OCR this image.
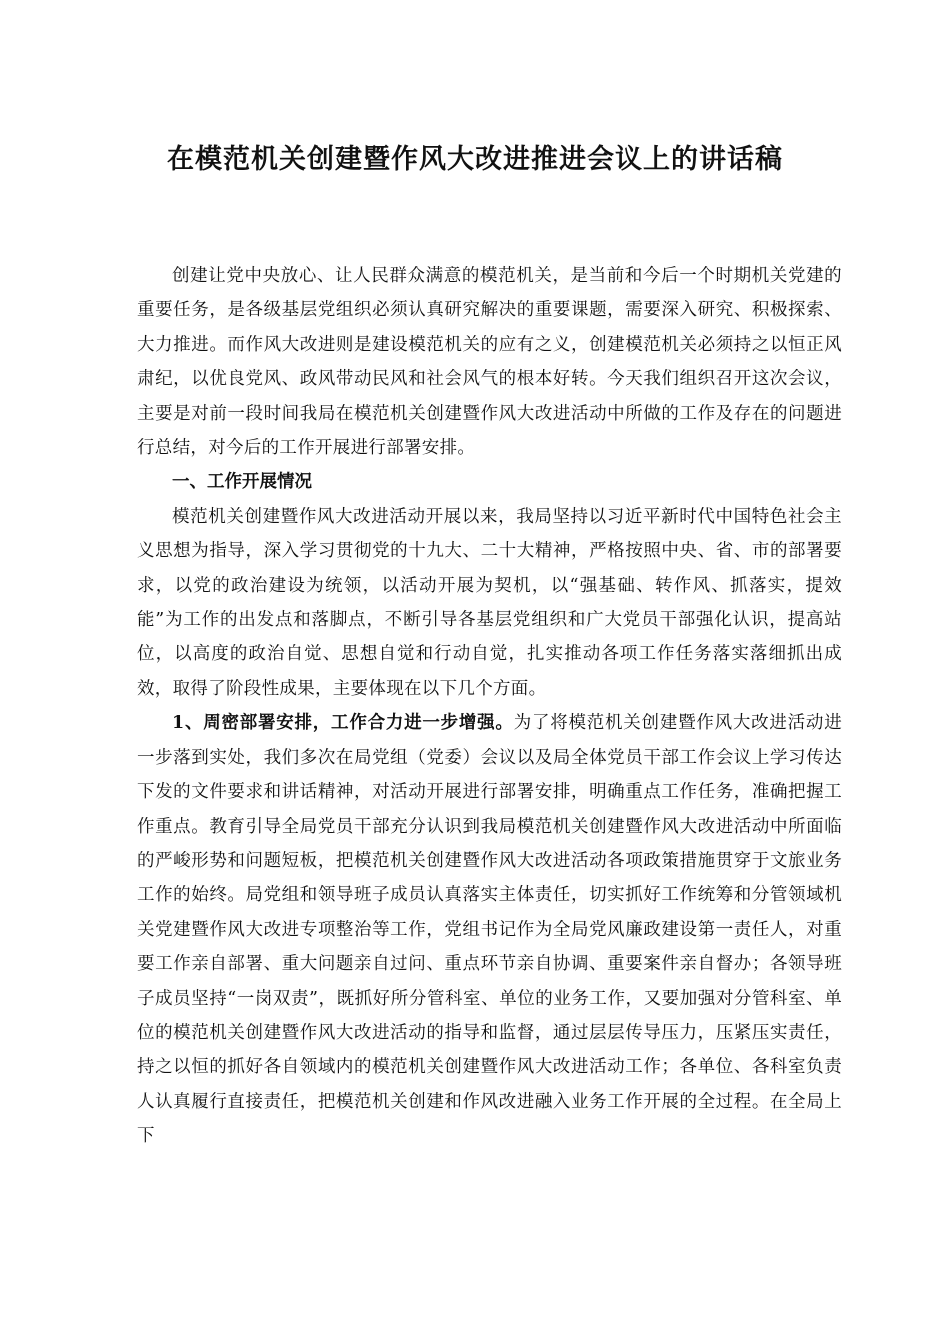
在模范机关创建暨作风大改进推进会议上的讲话稿

创建让党中央放心、让人民群众满意的模范机关，是当前和今后一个时期机关党建的重要任务，是各级基层党组织必须认真研究解决的重要课题，需要深入研究、积极探索、大力推进。而作风大改进则是建设模范机关的应有之义，创建模范机关必须持之以恒正风肃纪，以优良党风、政风带动民风和社会风气的根本好转。今天我们组织召开这次会议，主要是对前一段时间我局在模范机关创建暨作风大改进活动中所做的工作及存在的问题进行总结，对今后的工作开展进行部署安排。

一、工作开展情况

模范机关创建暨作风大改进活动开展以来，我局坚持以习近平新时代中国特色社会主义思想为指导，深入学习贯彻党的十九大、二十大精神，严格按照中央、省、市的部署要求，以党的政治建设为统领，以活动开展为契机，以“强基础、转作风、抓落实，提效能”为工作的出发点和落脚点，不断引导各基层党组织和广大党员干部强化认识，提高站位，以高度的政治自觉、思想自觉和行动自觉，扎实推动各项工作任务落实落细抓出成效，取得了阶段性成果，主要体现在以下几个方面。

1、周密部署安排，工作合力进一步增强。为了将模范机关创建暨作风大改进活动进一步落到实处，我们多次在局党组（党委）会议以及局全体党员干部工作会议上学习传达下发的文件要求和讲话精神，对活动开展进行部署安排，明确重点工作任务，准确把握工作重点。教育引导全局党员干部充分认识到我局模范机关创建暨作风大改进活动中所面临的严峻形势和问题短板，把模范机关创建暨作风大改进活动各项政策措施贯穿于文旅业务工作的始终。局党组和领导班子成员认真落实主体责任，切实抓好工作统筹和分管领域机关党建暨作风大改进专项整治等工作，党组书记作为全局党风廉政建设第一责任人，对重要工作亲自部署、重大问题亲自过问、重点环节亲自协调、重要案件亲自督办；各领导班子成员坚持“一岗双责”，既抓好所分管科室、单位的业务工作，又要加强对分管科室、单位的模范机关创建暨作风大改进活动的指导和监督，通过层层传导压力，压紧压实责任，持之以恒的抓好各自领域内的模范机关创建暨作风大改进活动工作；各单位、各科室负责人认真履行直接责任，把模范机关创建和作风改进融入业务工作开展的全过程。在全局上下
